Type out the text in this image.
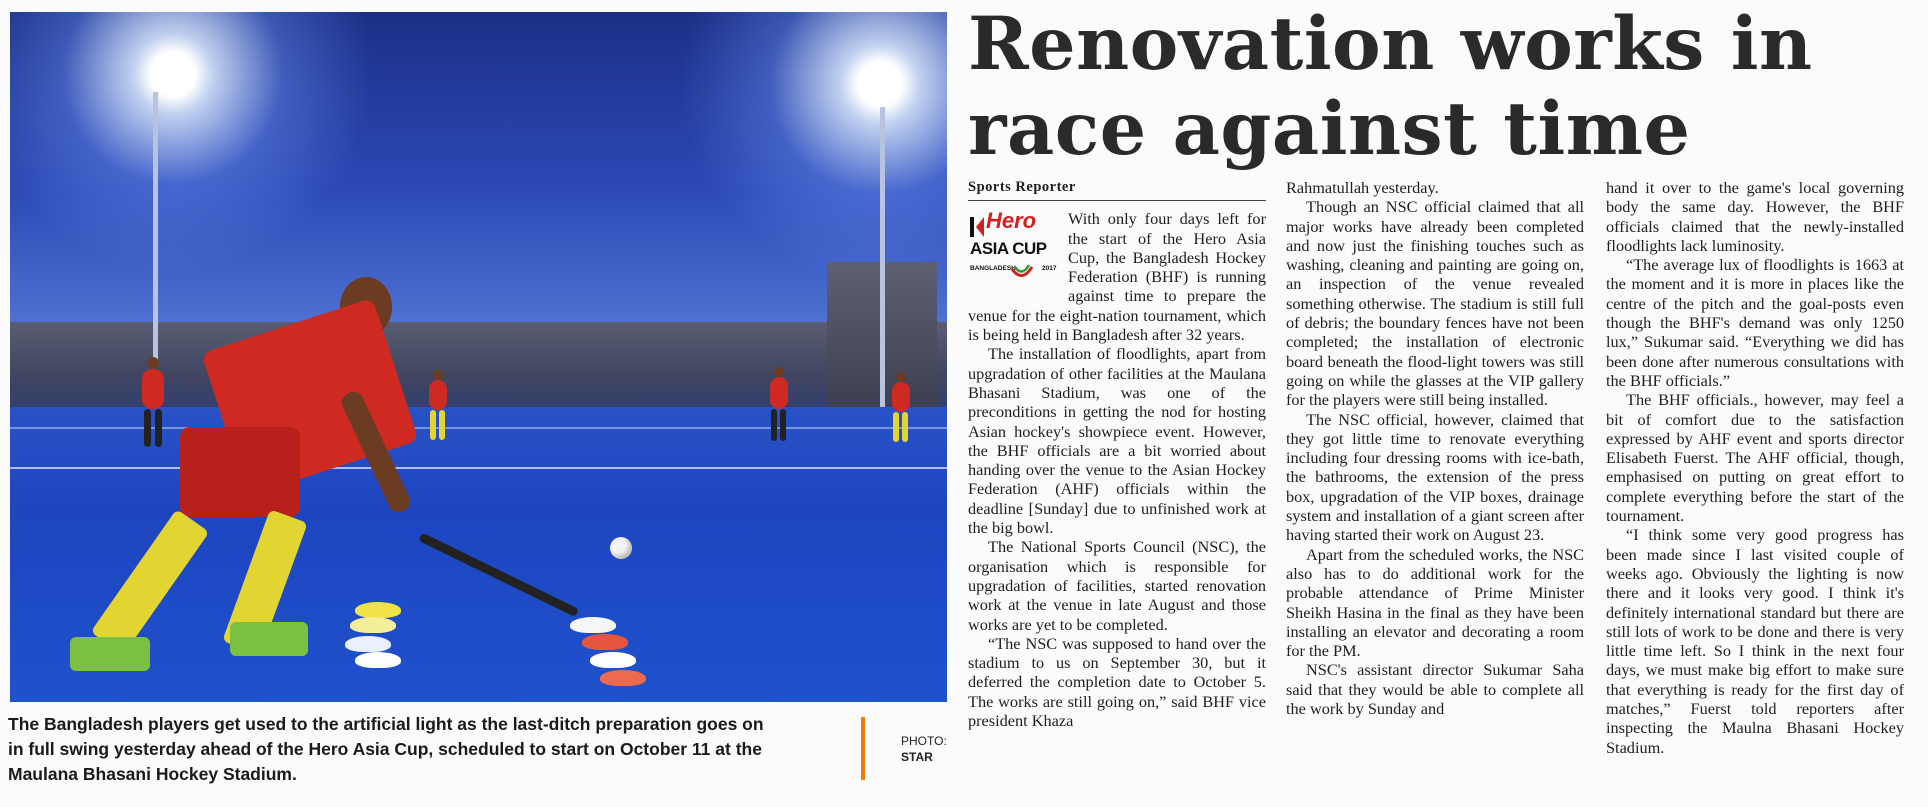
The Bangladesh players get used to the artificial light as the last-ditch preparation goes on in full swing yesterday ahead of the Hero Asia Cup, scheduled to start on October 11 at the Maulana Bhasani Hockey Stadium.
PHOTO:
STAR
Renovation works in
race against time
Sports Reporter
Hero
ASIA CUP
BANGLADESH	2017

With only four days left for the start of the Hero Asia Cup, the Bangladesh Hockey Federation (BHF) is running against time to prepare the venue for the eight-nation tournament, which is being held in Bangladesh after 32 years.

The installation of floodlights, apart from upgradation of other facilities at the Maulana Bhasani Stadium, was one of the preconditions in getting the nod for hosting Asian hockey's showpiece event. However, the BHF officials are a bit worried about handing over the venue to the Asian Hockey Federation (AHF) officials within the deadline [Sunday] due to unfinished work at the big bowl.

The National Sports Council (NSC), the organisation which is responsible for upgradation of facilities, started renovation work at the venue in late August and those works are yet to be completed.

“The NSC was supposed to hand over the stadium to us on September 30, but it deferred the completion date to October 5. The works are still going on,” said BHF vice president Khaza

Rahmatullah yesterday.

Though an NSC official claimed that all major works have already been completed and now just the finishing touches such as washing, cleaning and painting are going on, an inspection of the venue revealed something otherwise. The stadium is still full of debris; the boundary fences have not been completed; the installation of electronic board beneath the flood-light towers was still going on while the glasses at the VIP gallery for the players were still being installed.

The NSC official, however, claimed that they got little time to renovate everything including four dressing rooms with ice-bath, the bathrooms, the extension of the press box, upgradation of the VIP boxes, drainage system and installation of a giant screen after having started their work on August 23.

Apart from the scheduled works, the NSC also has to do additional work for the probable attendance of Prime Minister Sheikh Hasina in the final as they have been installing an elevator and decorating a room for the PM.

NSC's assistant director Sukumar Saha said that they would be able to complete all the work by Sunday and

hand it over to the game's local governing body the same day. However, the BHF officials claimed that the newly-installed floodlights lack luminosity.

“The average lux of floodlights is 1663 at the moment and it is more in places like the centre of the pitch and the goal-posts even though the BHF's demand was only 1250 lux,” Sukumar said. “Everything we did has been done after numerous consultations with the BHF officials.”

The BHF officials., however, may feel a bit of comfort due to the satisfaction expressed by AHF event and sports director Elisabeth Fuerst. The AHF official, though, emphasised on putting on great effort to complete everything before the start of the tournament.

“I think some very good progress has been made since I last visited couple of weeks ago. Obviously the lighting is now there and it looks very good. I think it's definitely international standard but there are still lots of work to be done and there is very little time left. So I think in the next four days, we must make big effort to make sure that everything is ready for the first day of matches,” Fuerst told reporters after inspecting the Maulna Bhasani Hockey Stadium.
